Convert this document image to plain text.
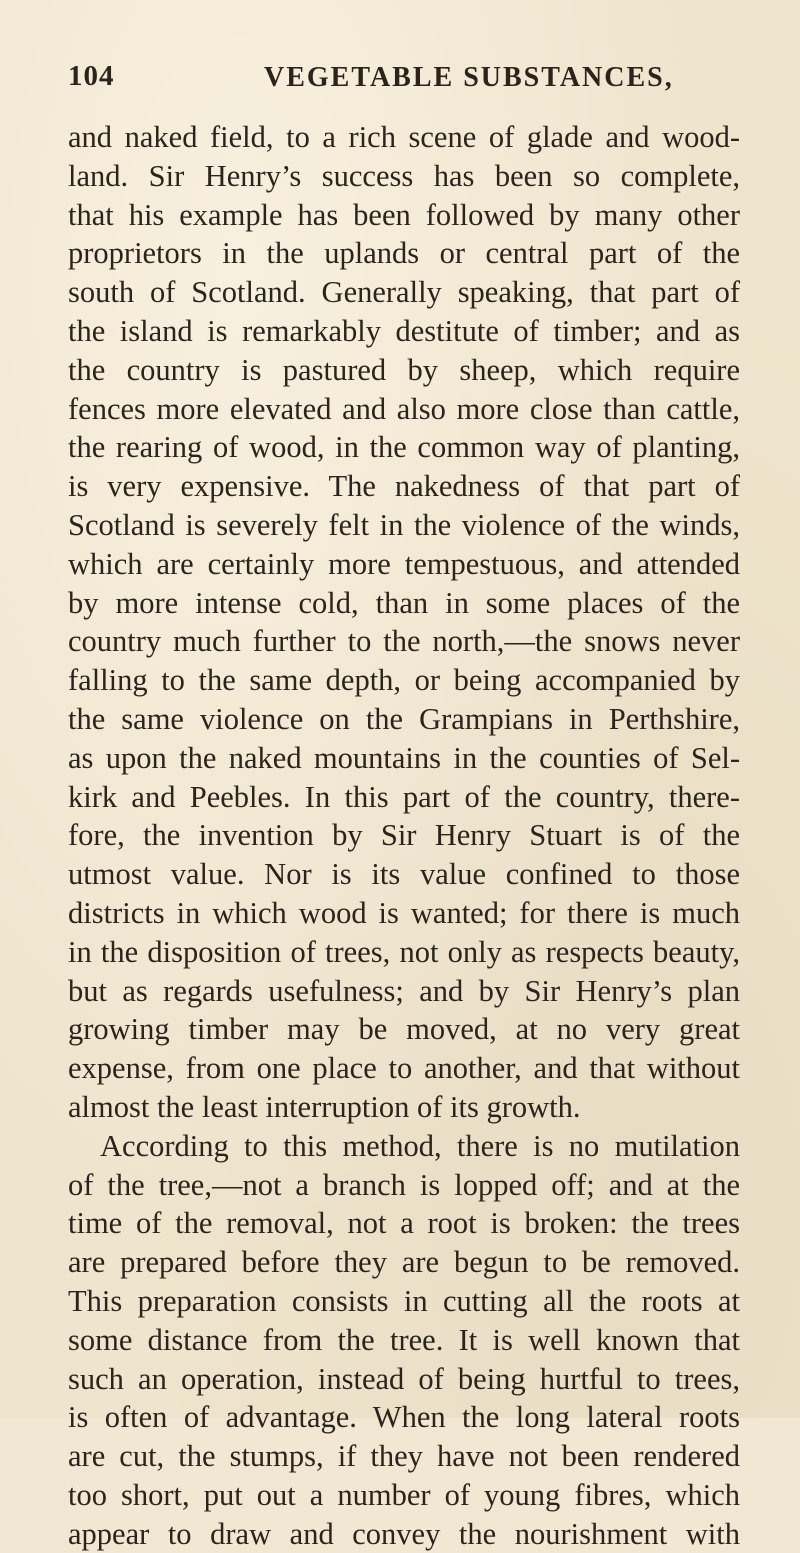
104	VEGETABLE SUBSTANCES,
and naked field, to a rich scene of glade and wood-
land. Sir Henry’s success has been so complete,
that his example has been followed by many other
proprietors in the uplands or central part of the
south of Scotland. Generally speaking, that part of
the island is remarkably destitute of timber; and as
the country is pastured by sheep, which require
fences more elevated and also more close than cattle,
the rearing of wood, in the common way of planting,
is very expensive. The nakedness of that part of
Scotland is severely felt in the violence of the winds,
which are certainly more tempestuous, and attended
by more intense cold, than in some places of the
country much further to the north,—the snows never
falling to the same depth, or being accompanied by
the same violence on the Grampians in Perthshire,
as upon the naked mountains in the counties of Sel-
kirk and Peebles. In this part of the country, there-
fore, the invention by Sir Henry Stuart is of the
utmost value. Nor is its value confined to those
districts in which wood is wanted; for there is much
in the disposition of trees, not only as respects beauty,
but as regards usefulness; and by Sir Henry’s plan
growing timber may be moved, at no very great
expense, from one place to another, and that without
almost the least interruption of its growth.
According to this method, there is no mutilation
of the tree,—not a branch is lopped off; and at the
time of the removal, not a root is broken: the trees
are prepared before they are begun to be removed.
This preparation consists in cutting all the roots at
some distance from the tree. It is well known that
such an operation, instead of being hurtful to trees,
is often of advantage. When the long lateral roots
are cut, the stumps, if they have not been rendered
too short, put out a number of young fibres, which
appear to draw and convey the nourishment with
